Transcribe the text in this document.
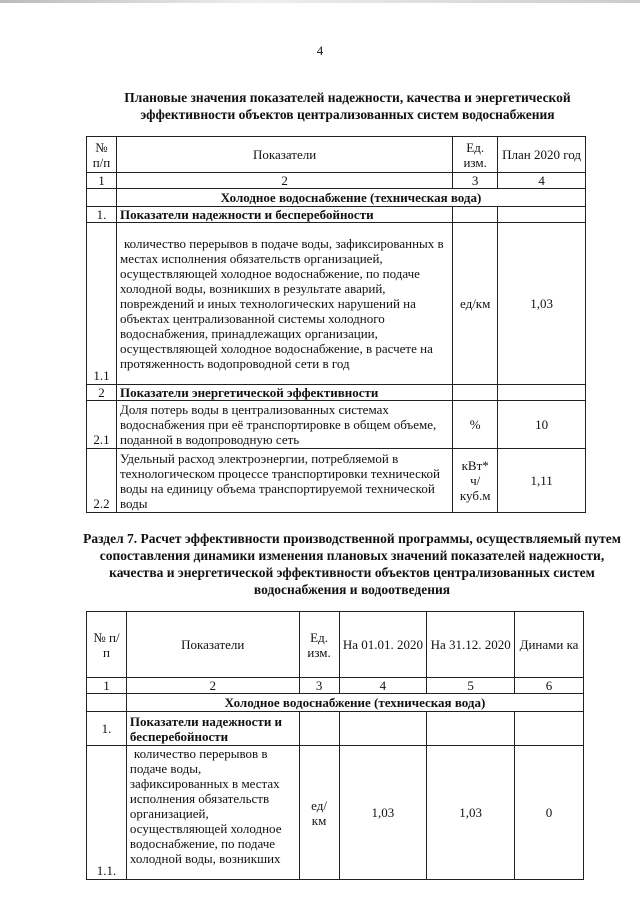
4
Плановые значения показателей надежности, качества и энергетической эффективности объектов централизованных систем водоснабжения
№ п/п	Показатели	Ед. изм.	План 2020 год
1	2	3	4
	Холодное водоснабжение (техническая вода)		
1.	Показатели надежности и бесперебойности		
1.1	количество перерывов в подаче воды, зафиксированных в местах исполнения обязательств организацией, осуществляющей холодное водоснабжение, по подаче холодной воды, возникших в результате аварий, повреждений и иных технологических нарушений на объектах централизованной системы холодного водоснабжения, принадлежащих организации, осуществляющей холодное водоснабжение, в расчете на протяженность водопроводной сети в год	ед/км	1,03
2	Показатели энергетической эффективности		
2.1	Доля потерь воды в централизованных системах водоснабжения при её транспортировке в общем объеме, поданной в водопроводную сеть	%	10
2.2	Удельный расход электроэнергии, потребляемой в технологическом процессе транспортировки технической воды на единицу объема транспортируемой технической воды	кВт* ч/ куб.м	1,11
Раздел 7. Расчет эффективности производственной программы, осуществляемый путем сопоставления динамики изменения плановых значений показателей надежности, качества и энергетической эффективности объектов централизованных систем водоснабжения и водоотведения
№ п/п	Показатели	Ед. изм.	На 01.01. 2020	На 31.12. 2020	Динами ка
1	2	3	4	5	6
	Холодное водоснабжение (техническая вода)				
1.	Показатели надежности и бесперебойности				
1.1.	количество перерывов в подаче воды, зафиксированных в местах исполнения обязательств организацией, осуществляющей холодное водоснабжение, по подаче холодной воды, возникших	ед/ км	1,03	1,03	0
